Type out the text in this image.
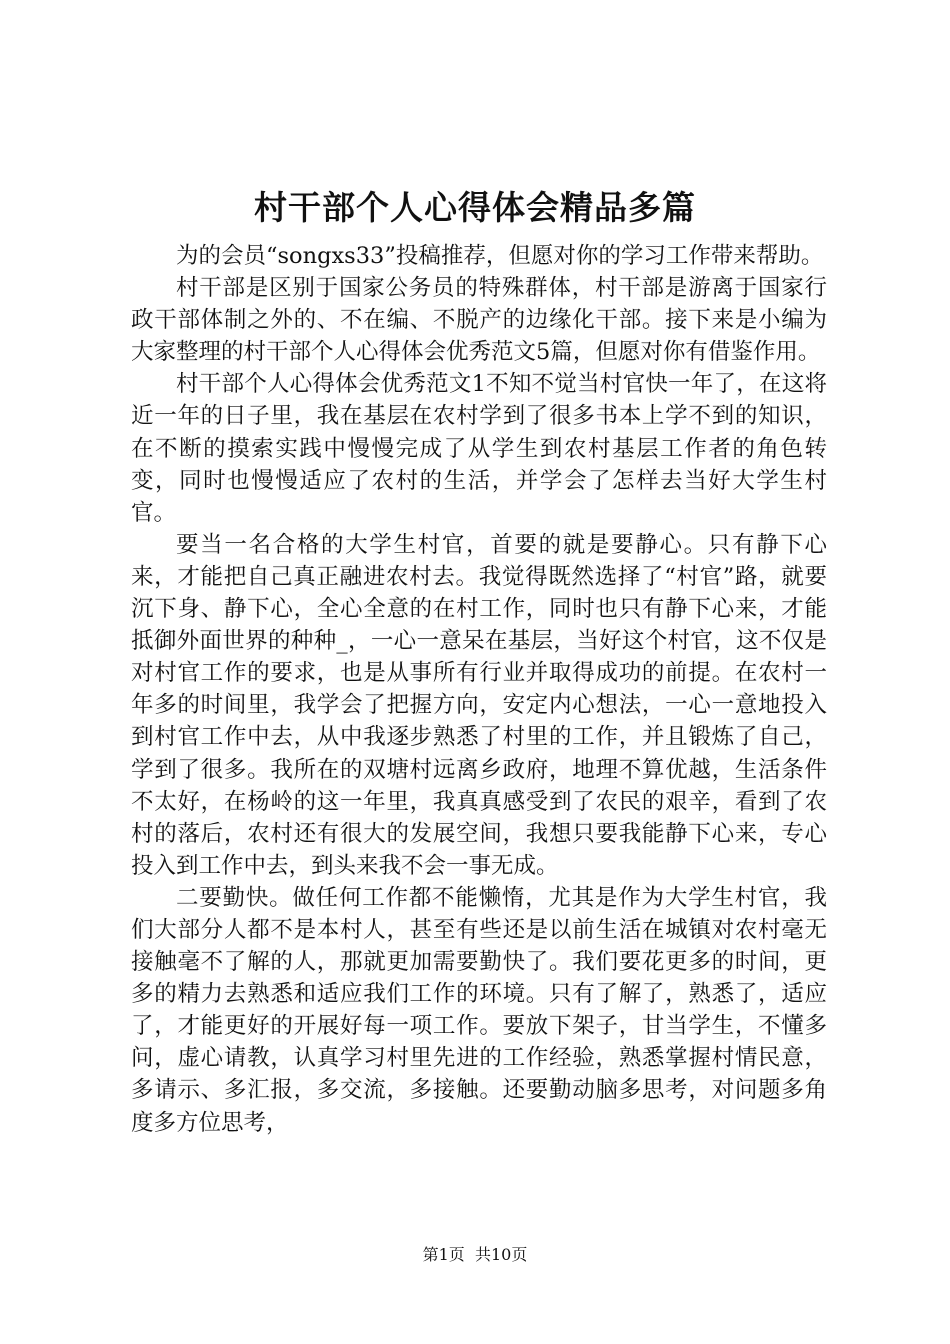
村干部个人心得体会精品多篇

为的会员“songxs33”投稿推荐，但愿对你的学习工作带来帮助。

村干部是区别于国家公务员的特殊群体，村干部是游离于国家行政干部体制之外的、不在编、不脱产的边缘化干部。接下来是小编为大家整理的村干部个人心得体会优秀范文5篇，但愿对你有借鉴作用。

村干部个人心得体会优秀范文1不知不觉当村官快一年了，在这将近一年的日子里，我在基层在农村学到了很多书本上学不到的知识，在不断的摸索实践中慢慢完成了从学生到农村基层工作者的角色转变，同时也慢慢适应了农村的生活，并学会了怎样去当好大学生村官。

要当一名合格的大学生村官，首要的就是要静心。只有静下心来，才能把自己真正融进农村去。我觉得既然选择了“村官”路，就要沉下身、静下心，全心全意的在村工作，同时也只有静下心来，才能抵御外面世界的种种_，一心一意呆在基层，当好这个村官，这不仅是对村官工作的要求，也是从事所有行业并取得成功的前提。在农村一年多的时间里，我学会了把握方向，安定内心想法，一心一意地投入到村官工作中去，从中我逐步熟悉了村里的工作，并且锻炼了自己，学到了很多。我所在的双塘村远离乡政府，地理不算优越，生活条件不太好，在杨岭的这一年里，我真真感受到了农民的艰辛，看到了农村的落后，农村还有很大的发展空间，我想只要我能静下心来，专心投入到工作中去，到头来我不会一事无成。

二要勤快。做任何工作都不能懒惰，尤其是作为大学生村官，我们大部分人都不是本村人，甚至有些还是以前生活在城镇对农村毫无接触毫不了解的人，那就更加需要勤快了。我们要花更多的时间，更多的精力去熟悉和适应我们工作的环境。只有了解了，熟悉了，适应了，才能更好的开展好每一项工作。要放下架子，甘当学生，不懂多问，虚心请教，认真学习村里先进的工作经验，熟悉掌握村情民意，多请示、多汇报，多交流，多接触。还要勤动脑多思考，对问题多角度多方位思考，

第1页 共10页
